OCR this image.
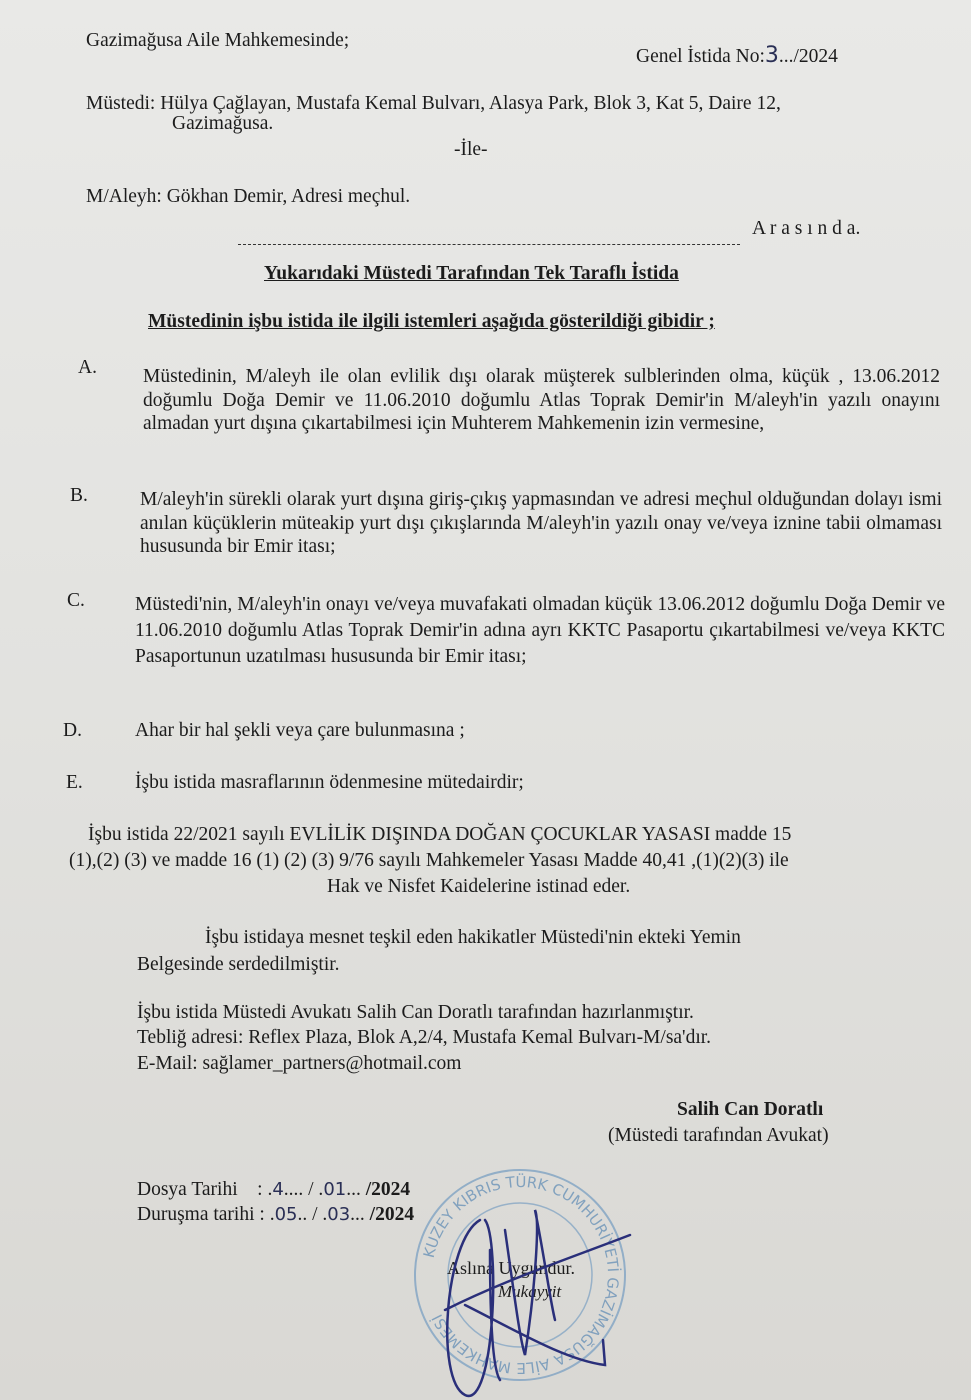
Gazimağusa Aile Mahkemesinde;
Genel İstida No:3.../2024
Müstedi: Hülya Çağlayan, Mustafa Kemal Bulvarı, Alasya Park, Blok 3, Kat 5, Daire 12,
Gazimağusa.
-İle-
M/Aleyh: Gökhan Demir, Adresi meçhul.
A r a s ı n d a.
Yukarıdaki Müstedi Tarafından Tek Taraflı İstida
Müstedinin işbu istida ile ilgili istemleri aşağıda gösterildiği gibidir ;
A. Müstedinin, M/aleyh ile olan evlilik dışı olarak müşterek sulblerinden olma, küçük , 13.06.2012 doğumlu Doğa Demir ve 11.06.2010 doğumlu Atlas Toprak Demir'in M/aleyh'in yazılı onayını almadan yurt dışına çıkartabilmesi için Muhterem Mahkemenin izin vermesine,
B.	M/aleyh'in sürekli olarak yurt dışına giriş-çıkış yapmasından ve adresi meçhul olduğundan dolayı ismi anılan küçüklerin müteakip yurt dışı çıkışlarında M/aleyh'in yazılı onay ve/veya iznine tabii olmaması hususunda bir Emir itası;
C.	Müstedi'nin, M/aleyh'in onayı ve/veya muvafakati olmadan küçük 13.06.2012 doğumlu Doğa Demir ve 11.06.2010 doğumlu Atlas Toprak Demir'in adına ayrı KKTC Pasaportu çıkartabilmesi ve/veya KKTC Pasaportunun uzatılması hususunda bir Emir itası;
D.	Ahar bir hal şekli veya çare bulunmasına ;
E.	İşbu istida masraflarının ödenmesine mütedairdir;
İşbu istida 22/2021 sayılı EVLİLİK DIŞINDA DOĞAN ÇOCUKLAR YASASI madde 15
(1),(2) (3) ve madde 16 (1) (2) (3) 9/76 sayılı Mahkemeler Yasası Madde 40,41 ,(1)(2)(3) ile
Hak ve Nisfet Kaidelerine istinad eder.
İşbu istidaya mesnet teşkil eden hakikatler Müstedi'nin ekteki Yemin
Belgesinde serdedilmiştir.
İşbu istida Müstedi Avukatı Salih Can Doratlı tarafından hazırlanmıştır.
Tebliğ adresi: Reflex Plaza, Blok A,2/4, Mustafa Kemal Bulvarı-M/sa'dır.
E-Mail: sağlamer_partners@hotmail.com
Salih Can Doratlı
(Müstedi tarafından Avukat)
Dosya Tarihi    : .4.... / .01... /2024
Duruşma tarihi : .05.. / .03... /2024
KUZEY KIBRIS TÜRK CUMHURİYETİ GAZİMAĞUSA AİLE MAHKEMESİ
Aslına Uygundur.
Mukayyit
